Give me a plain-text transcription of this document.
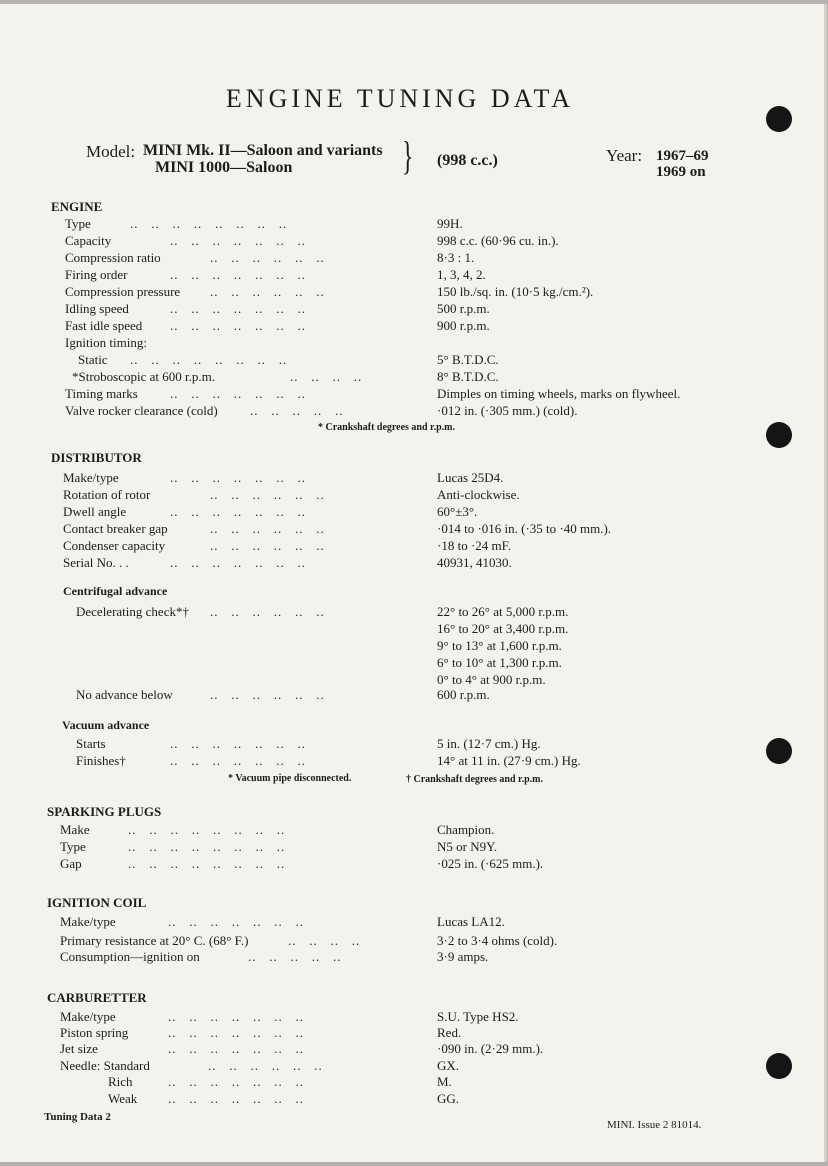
ENGINE TUNING DATA
Model: MINI Mk. II—Saloon and variants
MINI 1000—Saloon	} (998 c.c.)	Year: 1967–69
1969 on
ENGINE
Type	..   ..   ..   ..   ..   ..   ..   ..	99H.
Capacity	..   ..   ..   ..   ..   ..   ..	998 c.c. (60·96 cu. in.).
Compression ratio	..   ..   ..   ..   ..   ..	8·3 : 1.
Firing order	..   ..   ..   ..   ..   ..   ..	1, 3, 4, 2.
Compression pressure ..   ..   ..   ..   ..   ..	150 lb./sq. in. (10·5 kg./cm.²).
Idling speed	..   ..   ..   ..   ..   ..   ..	500 r.p.m.
Fast idle speed ..   ..   ..   ..   ..   ..   ..	900 r.p.m.
Ignition timing:
Static ..   ..   ..   ..   ..   ..   ..   ..	5° B.T.D.C.
*Stroboscopic at 600 r.p.m.	..   ..   ..   ..	8° B.T.D.C.
Timing marks ..   ..   ..   ..   ..   ..   ..	Dimples on timing wheels, marks on flywheel.
Valve rocker clearance (cold) ..   ..   ..   ..   ..	·012 in. (·305 mm.) (cold).
* Crankshaft degrees and r.p.m.
DISTRIBUTOR
Make/type	..   ..   ..   ..   ..   ..   ..	Lucas 25D4.
Rotation of rotor	..   ..   ..   ..   ..   ..	Anti-clockwise.
Dwell angle	..   ..   ..   ..   ..   ..   ..	60°±3°.
Contact breaker gap	..   ..   ..   ..   ..   ..	·014 to ·016 in. (·35 to ·40 mm.).
Condenser capacity	..   ..   ..   ..   ..   ..	·18 to ·24 mF.
Serial No. . .	..   ..   ..   ..   ..   ..   ..	40931, 41030.
Centrifugal advance
Decelerating check*† ..   ..   ..   ..   ..   ..	22° to 26° at 5,000 r.p.m.
16° to 20° at 3,400 r.p.m.
9° to 13° at 1,600 r.p.m.
6° to 10° at 1,300 r.p.m.
0° to 4° at 900 r.p.m.
No advance below	..   ..   ..   ..   ..   ..	600 r.p.m.
Vacuum advance
Starts	..   ..   ..   ..   ..   ..   ..	5 in. (12·7 cm.) Hg.
Finishes†	..   ..   ..   ..   ..   ..   ..	14° at 11 in. (27·9 cm.) Hg.
* Vacuum pipe disconnected.	† Crankshaft degrees and r.p.m.
SPARKING PLUGS
Make	..   ..   ..   ..   ..   ..   ..   ..	Champion.
Type	..   ..   ..   ..   ..   ..   ..   ..	N5 or N9Y.
Gap	..   ..   ..   ..   ..   ..   ..   ..	·025 in. (·625 mm.).
IGNITION COIL
Make/type	..   ..   ..   ..   ..   ..   ..	Lucas LA12.
Primary resistance at 20° C. (68° F.)	..   ..   ..   ..	3·2 to 3·4 ohms (cold).
Consumption—ignition on	..   ..   ..   ..   ..	3·9 amps.
CARBURETTER
Make/type	..   ..   ..   ..   ..   ..   ..	S.U. Type HS2.
Piston spring	..   ..   ..   ..   ..   ..   ..	Red.
Jet size	..   ..   ..   ..   ..   ..   ..	·090 in. (2·29 mm.).
Needle: Standard	..   ..   ..   ..   ..   ..	GX.
Rich	..   ..   ..   ..   ..   ..   ..	M.
Weak ..   ..   ..   ..   ..   ..   ..	GG.
Tuning Data 2
MINI. Issue 2 81014.
